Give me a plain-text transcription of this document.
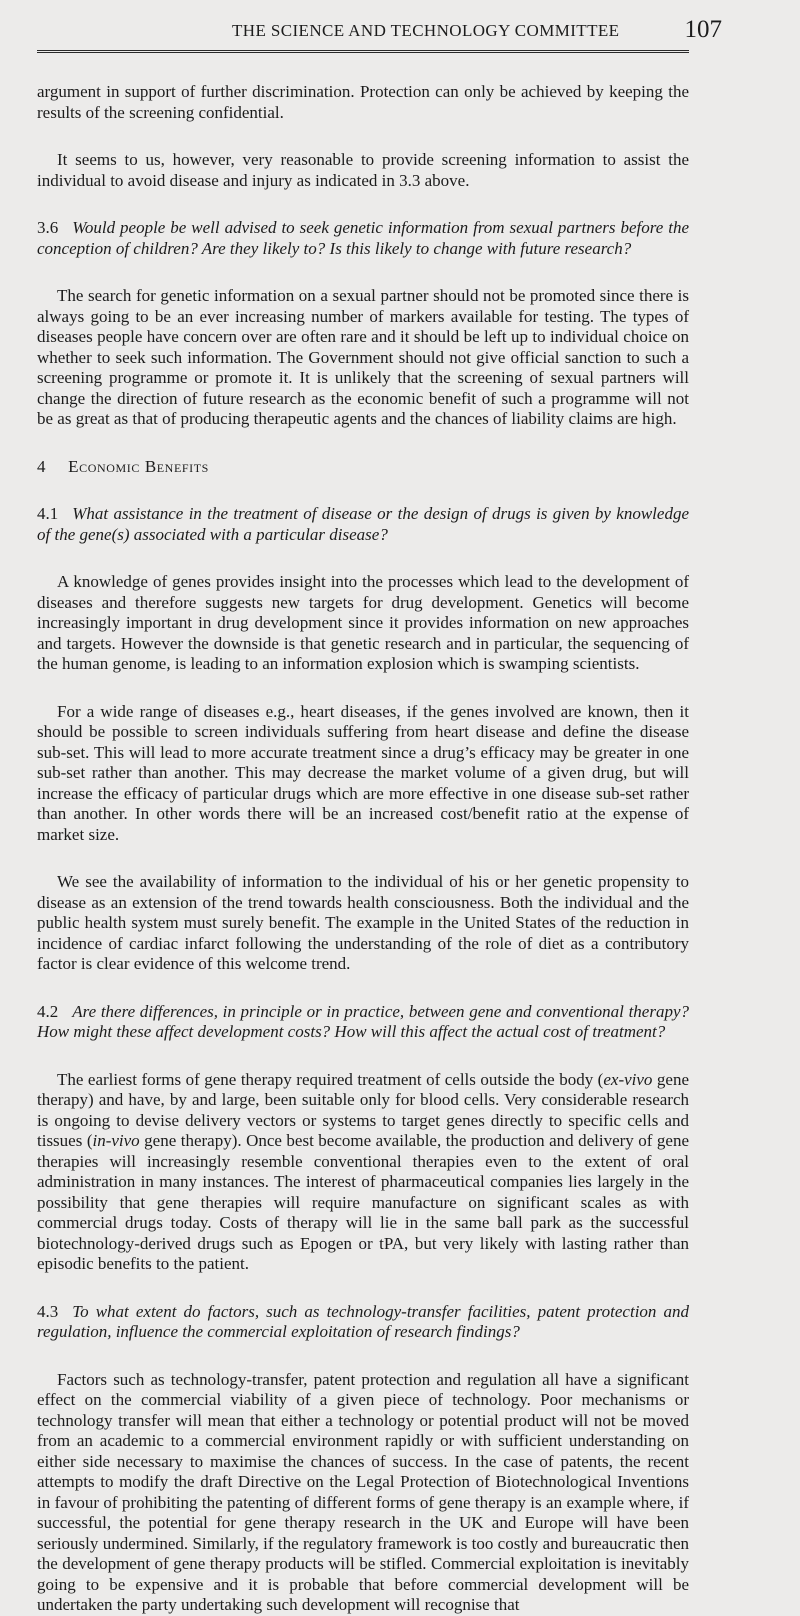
THE SCIENCE AND TECHNOLOGY COMMITTEE	107

argument in support of further discrimination. Protection can only be achieved by keeping the results of the screening confidential.

It seems to us, however, very reasonable to provide screening information to assist the individual to avoid disease and injury as indicated in 3.3 above.

3.6 Would people be well advised to seek genetic information from sexual partners before the conception of children? Are they likely to? Is this likely to change with future research?

The search for genetic information on a sexual partner should not be promoted since there is always going to be an ever increasing number of markers available for testing. The types of diseases people have concern over are often rare and it should be left up to individual choice on whether to seek such information. The Government should not give official sanction to such a screening programme or promote it. It is unlikely that the screening of sexual partners will change the direction of future research as the economic benefit of such a programme will not be as great as that of producing therapeutic agents and the chances of liability claims are high.

4 Economic Benefits

4.1 What assistance in the treatment of disease or the design of drugs is given by knowledge of the gene(s) associated with a particular disease?

A knowledge of genes provides insight into the processes which lead to the development of diseases and therefore suggests new targets for drug development. Genetics will become increasingly important in drug development since it provides information on new approaches and targets. However the downside is that genetic research and in particular, the sequencing of the human genome, is leading to an information explosion which is swamping scientists.

For a wide range of diseases e.g., heart diseases, if the genes involved are known, then it should be possible to screen individuals suffering from heart disease and define the disease sub-set. This will lead to more accurate treatment since a drug’s efficacy may be greater in one sub-set rather than another. This may decrease the market volume of a given drug, but will increase the efficacy of particular drugs which are more effective in one disease sub-set rather than another. In other words there will be an increased cost/benefit ratio at the expense of market size.

We see the availability of information to the individual of his or her genetic propensity to disease as an extension of the trend towards health consciousness. Both the individual and the public health system must surely benefit. The example in the United States of the reduction in incidence of cardiac infarct following the understanding of the role of diet as a contributory factor is clear evidence of this welcome trend.

4.2 Are there differences, in principle or in practice, between gene and conventional therapy? How might these affect development costs? How will this affect the actual cost of treatment?

The earliest forms of gene therapy required treatment of cells outside the body (ex-vivo gene therapy) and have, by and large, been suitable only for blood cells. Very considerable research is ongoing to devise delivery vectors or systems to target genes directly to specific cells and tissues (in-vivo gene therapy). Once best become available, the production and delivery of gene therapies will increasingly resemble conventional therapies even to the extent of oral administration in many instances. The interest of pharmaceutical companies lies largely in the possibility that gene therapies will require manufacture on significant scales as with commercial drugs today. Costs of therapy will lie in the same ball park as the successful biotechnology-derived drugs such as Epogen or tPA, but very likely with lasting rather than episodic benefits to the patient.

4.3 To what extent do factors, such as technology-transfer facilities, patent protection and regulation, influence the commercial exploitation of research findings?

Factors such as technology-transfer, patent protection and regulation all have a significant effect on the commercial viability of a given piece of technology. Poor mechanisms or technology transfer will mean that either a technology or potential product will not be moved from an academic to a commercial environment rapidly or with sufficient understanding on either side necessary to maximise the chances of success. In the case of patents, the recent attempts to modify the draft Directive on the Legal Protection of Biotechnological Inventions in favour of prohibiting the patenting of different forms of gene therapy is an example where, if successful, the potential for gene therapy research in the UK and Europe will have been seriously undermined. Similarly, if the regulatory framework is too costly and bureaucratic then the development of gene therapy products will be stifled. Commercial exploitation is inevitably going to be expensive and it is probable that before commercial development will be undertaken the party undertaking such development will recognise that
